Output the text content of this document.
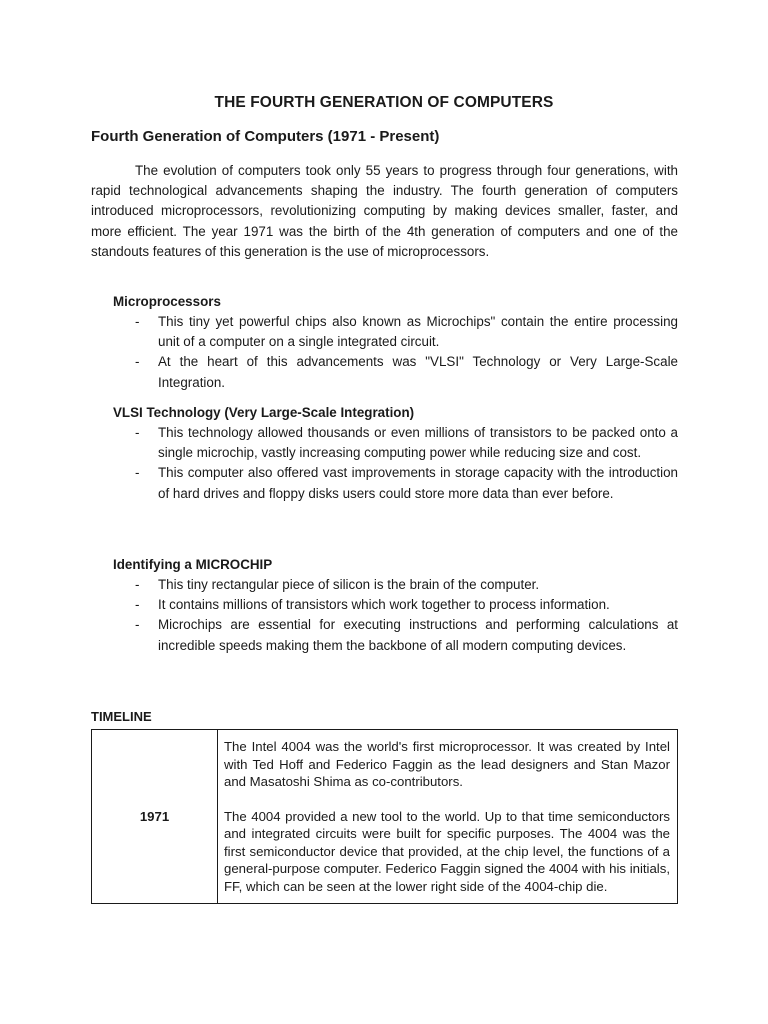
THE FOURTH GENERATION OF COMPUTERS
Fourth Generation of Computers (1971 - Present)

The evolution of computers took only 55 years to progress through four generations, with rapid technological advancements shaping the industry. The fourth generation of computers introduced microprocessors, revolutionizing computing by making devices smaller, faster, and more efficient. The year 1971 was the birth of the 4th generation of computers and one of the standouts features of this generation is the use of microprocessors.

Microprocessors
- This tiny yet powerful chips also known as Microchips" contain the entire processing unit of a computer on a single integrated circuit.
- At the heart of this advancements was "VLSI" Technology or Very Large-Scale Integration.
VLSI Technology (Very Large-Scale Integration)
- This technology allowed thousands or even millions of transistors to be packed onto a single microchip, vastly increasing computing power while reducing size and cost.
- This computer also offered vast improvements in storage capacity with the introduction of hard drives and floppy disks users could store more data than ever before.
Identifying a MICROCHIP
- This tiny rectangular piece of silicon is the brain of the computer.
- It contains millions of transistors which work together to process information.
- Microchips are essential for executing instructions and performing calculations at incredible speeds making them the backbone of all modern computing devices.
TIMELINE
1971	

The Intel 4004 was the world's first microprocessor. It was created by Intel with Ted Hoff and Federico Faggin as the lead designers and Stan Mazor and Masatoshi Shima as co-contributors.

The 4004 provided a new tool to the world. Up to that time semiconductors and integrated circuits were built for specific purposes. The 4004 was the first semiconductor device that provided, at the chip level, the functions of a general-purpose computer. Federico Faggin signed the 4004 with his initials, FF, which can be seen at the lower right side of the 4004-chip die.
